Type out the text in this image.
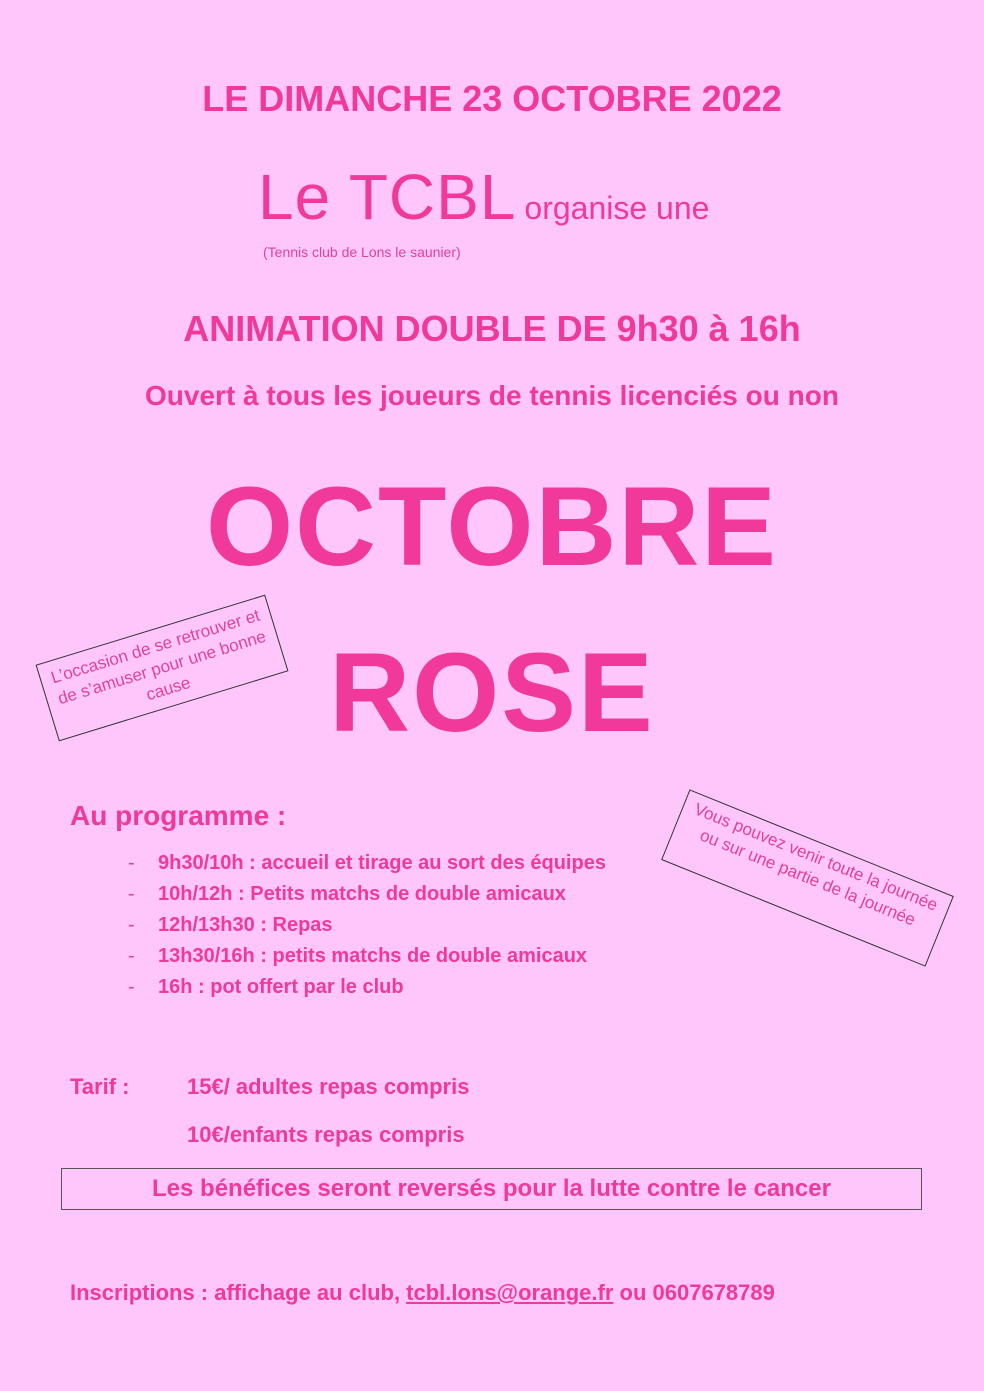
LE DIMANCHE 23 OCTOBRE 2022
Le TCBL organise une
(Tennis club de Lons le saunier)
ANIMATION DOUBLE DE 9h30 à 16h
Ouvert à tous les joueurs de tennis licenciés ou non
OCTOBRE
ROSE
L’occasion de se retrouver et de s’amuser pour une bonne cause
Vous pouvez venir toute la journée ou sur une partie de la journée
Au programme :
-	9h30/10h : accueil et tirage au sort des équipes
-	10h/12h : Petits matchs de double amicaux
-	12h/13h30 : Repas
-	13h30/16h : petits matchs de double amicaux
-	16h : pot offert par le club
Tarif :	15€/ adultes repas compris
10€/enfants repas compris
Les bénéfices seront reversés pour la lutte contre le cancer
Inscriptions : affichage au club, tcbl.lons@orange.fr ou 0607678789
